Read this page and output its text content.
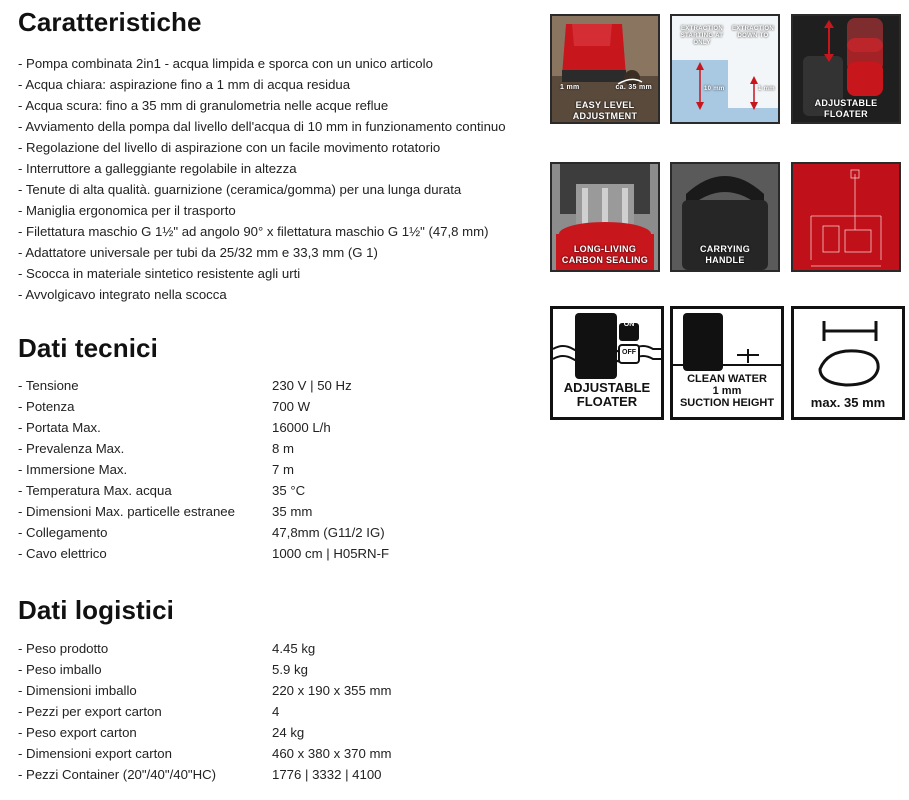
Caratteristiche
- Pompa combinata 2in1 - acqua limpida e sporca con un unico articolo
- Acqua chiara: aspirazione fino a 1 mm di acqua residua
- Acqua scura: fino a 35 mm di granulometria nelle acque reflue
- Avviamento della pompa dal livello dell'acqua di 10 mm in funzionamento continuo
- Regolazione del livello di aspirazione con un facile movimento rotatorio
- Interruttore a galleggiante regolabile in altezza
- Tenute di alta qualità. guarnizione (ceramica/gomma) per una lunga durata
- Maniglia ergonomica per il trasporto
- Filettatura maschio G 1½" ad angolo 90° x filettatura maschio G 1½" (47,8 mm)
- Adattatore universale per tubi da 25/32 mm e 33,3 mm (G 1)
- Scocca in materiale sintetico resistente agli urti
- Avvolgicavo integrato nella scocca
Dati tecnici
- Tensione	230 V | 50 Hz
- Potenza	700 W
- Portata Max.	16000 L/h
- Prevalenza Max.	8 m
- Immersione Max.	7 m
- Temperatura Max. acqua	35 °C
- Dimensioni Max. particelle estranee	35 mm
- Collegamento	47,8mm (G11/2 IG)
- Cavo elettrico	1000 cm | H05RN-F
Dati logistici
- Peso prodotto	4.45 kg
- Peso imballo	5.9 kg
- Dimensioni imballo	220 x 190 x 355 mm
- Pezzi per export carton	4
- Peso export carton	24 kg
- Dimensioni export carton	460 x 380 x 370 mm
- Pezzi Container (20"/40"/40"HC)	1776 | 3332 | 4100
1 mm	ca. 35 mm
EASY LEVEL
ADJUSTMENT
EXTRACTION
STARTING AT
ONLY
EXTRACTION
DOWN TO
10 mm	1 mm
ADJUSTABLE
FLOATER
LONG-LIVING
CARBON SEALING
CARRYING
HANDLE
ON
OFF
ADJUSTABLE
FLOATER
CLEAN WATER
1 mm
SUCTION HEIGHT	max. 35 mm
